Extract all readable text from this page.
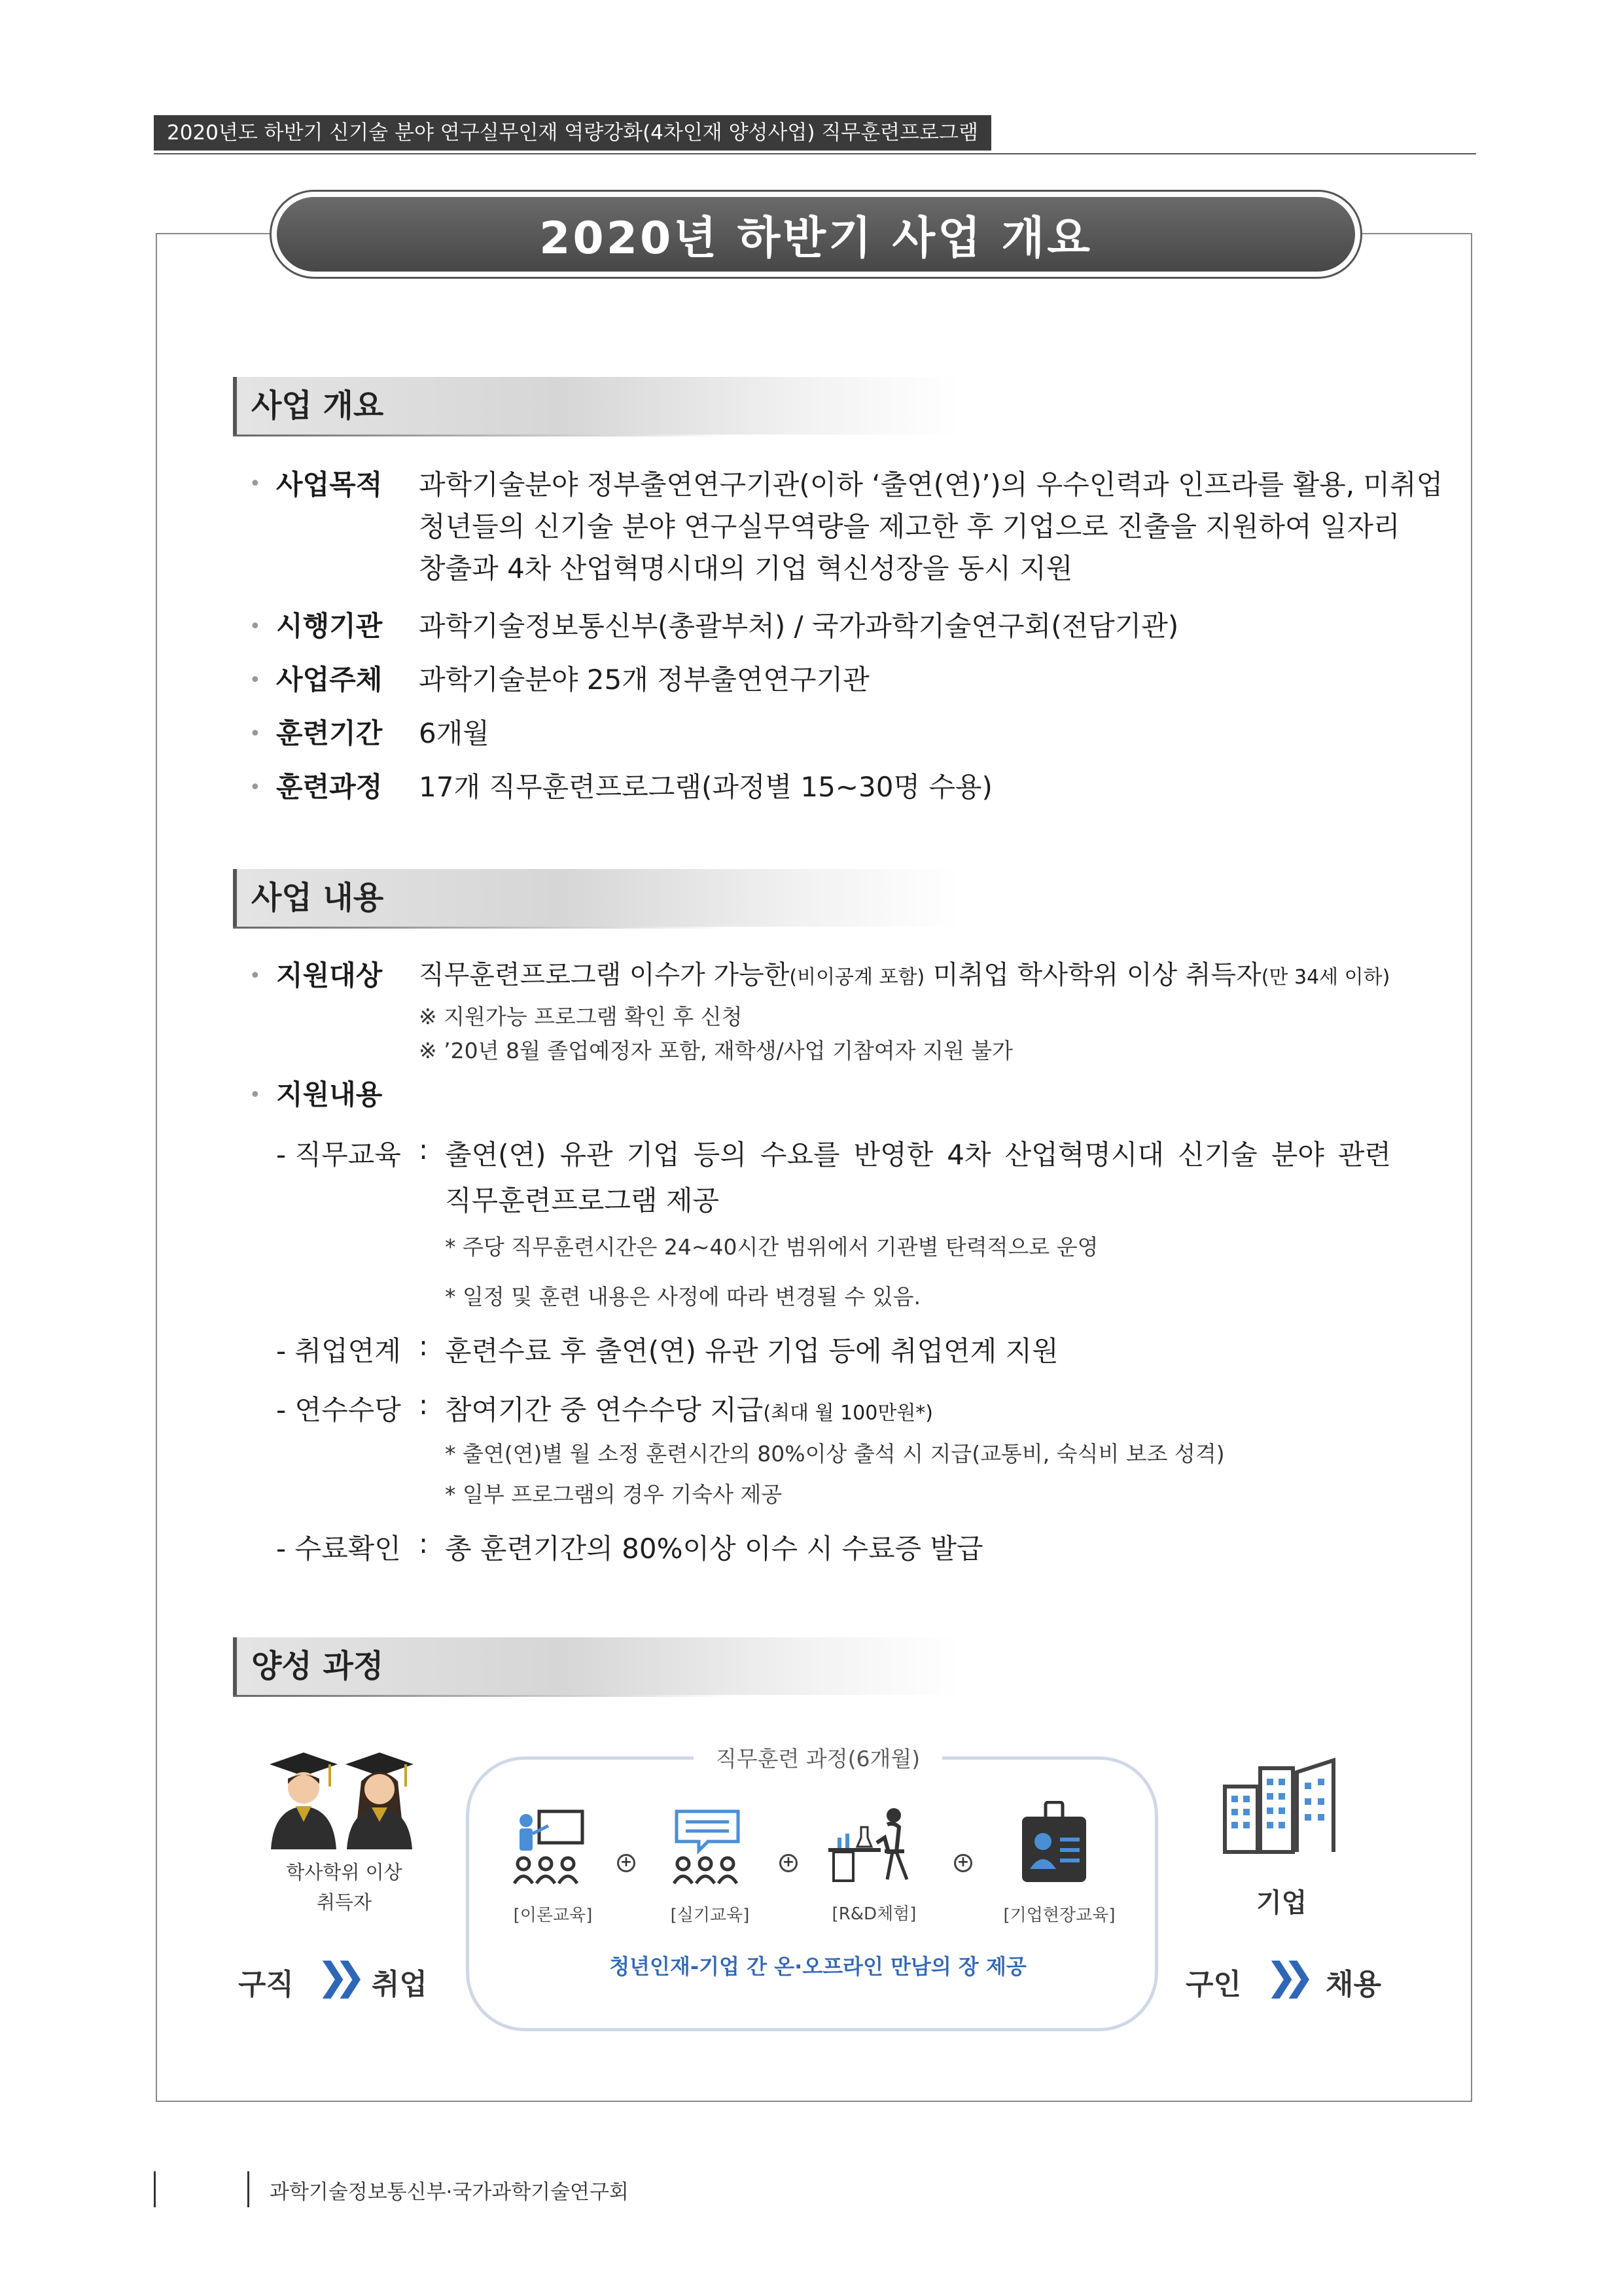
2020년도 하반기 신기술 분야 연구실무인재 역량강화(4차인재 양성사업) 직무훈련프로그램
2020년 하반기 사업 개요
사업 개요
• 사업목적 과학기술분야 정부출연연구기관(이하 ‘출연(연)’)의 우수인력과 인프라를 활용, 미취업
청년들의 신기술 분야 연구실무역량을 제고한 후 기업으로 진출을 지원하여 일자리
창출과 4차 산업혁명시대의 기업 혁신성장을 동시 지원
• 시행기관 과학기술정보통신부(총괄부처) / 국가과학기술연구회(전담기관)
• 사업주체 과학기술분야 25개 정부출연연구기관
• 훈련기간 6개월
• 훈련과정 17개 직무훈련프로그램(과정별 15~30명 수용)
사업 내용
• 지원대상 직무훈련프로그램 이수가 가능한(비이공계 포함) 미취업 학사학위 이상 취득자(만 34세 이하)
※ 지원가능 프로그램 확인 후 신청
※ ’20년 8월 졸업예정자 포함, 재학생/사업 기참여자 지원 불가
• 지원내용
- 직무교육 : 출연(연) 유관 기업 등의 수요를 반영한 4차 산업혁명시대 신기술 분야 관련
직무훈련프로그램 제공
* 주당 직무훈련시간은 24~40시간 범위에서 기관별 탄력적으로 운영
* 일정 및 훈련 내용은 사정에 따라 변경될 수 있음.
- 취업연계 : 훈련수료 후 출연(연) 유관 기업 등에 취업연계 지원
- 연수수당 : 참여기간 중 연수수당 지급(최대 월 100만원*)
* 출연(연)별 월 소정 훈련시간의 80%이상 출석 시 지급(교통비, 숙식비 보조 성격)
* 일부 프로그램의 경우 기숙사 제공
- 수료확인 : 총 훈련기간의 80%이상 이수 시 수료증 발급
양성 과정
학사학위 이상
취득자
구직 ❯❯ 취업
직무훈련 과정(6개월)
+	+	+
[이론교육]	[실기교육]	[R&D체험]	[기업현장교육]
청년인재-기업 간 온·오프라인 만남의 장 제공
기업
구인 ❯❯ 채용
과학기술정보통신부·국가과학기술연구회
